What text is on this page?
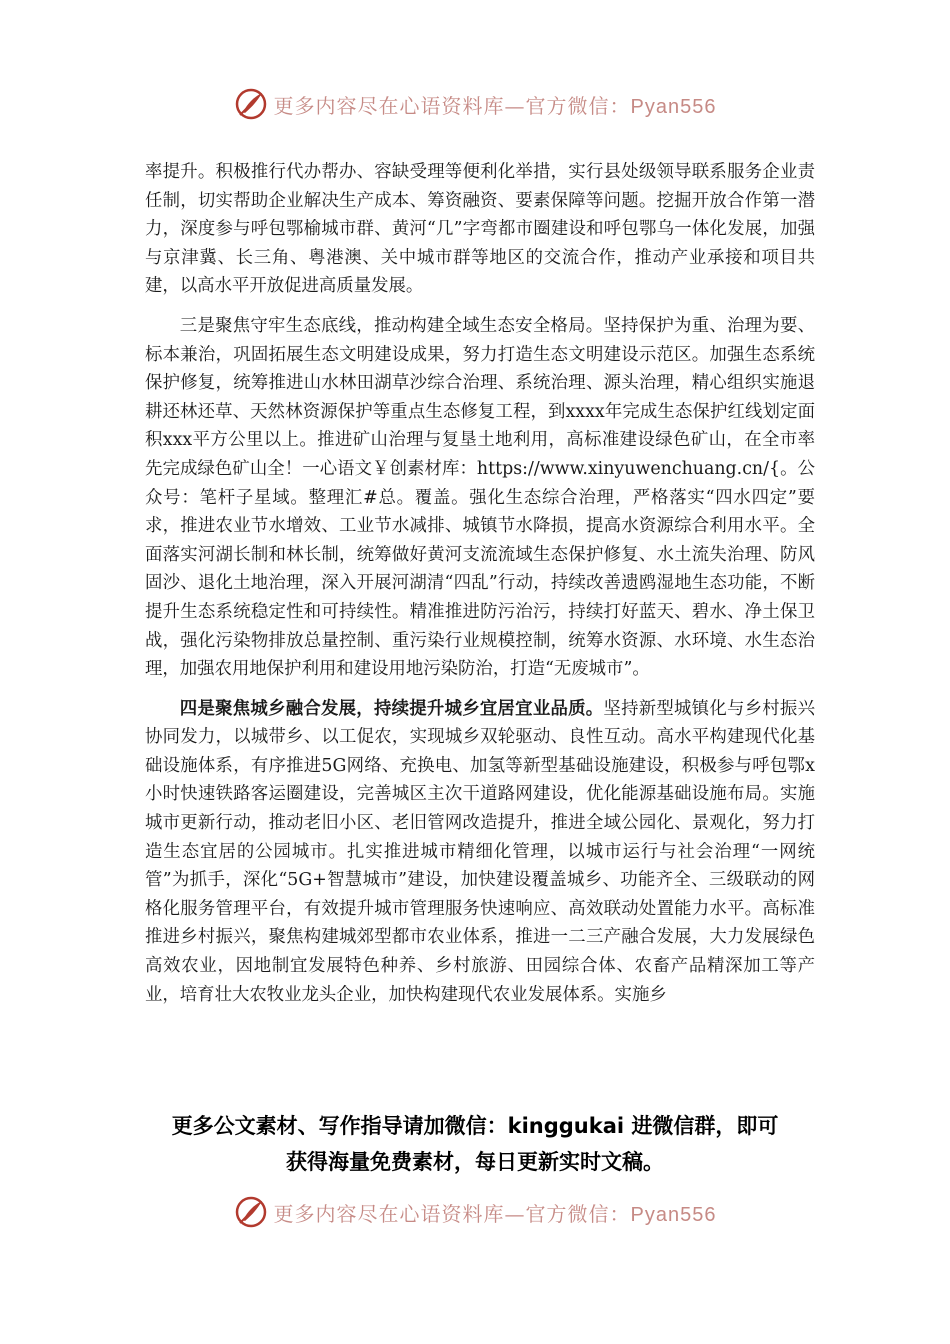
更多内容尽在心语资料库—官方微信：Pyan556

率提升。积极推行代办帮办、容缺受理等便利化举措，实行县处级领导联系服务企业责任制，切实帮助企业解决生产成本、筹资融资、要素保障等问题。挖掘开放合作第一潜力，深度参与呼包鄂榆城市群、黄河“几”字弯都市圈建设和呼包鄂乌一体化发展，加强与京津冀、长三角、粤港澳、关中城市群等地区的交流合作，推动产业承接和项目共建，以高水平开放促进高质量发展。

三是聚焦守牢生态底线，推动构建全域生态安全格局。坚持保护为重、治理为要、标本兼治，巩固拓展生态文明建设成果，努力打造生态文明建设示范区。加强生态系统保护修复，统筹推进山水林田湖草沙综合治理、系统治理、源头治理，精心组织实施退耕还林还草、天然林资源保护等重点生态修复工程，到xxxx年完成生态保护红线划定面积xxx平方公里以上。推进矿山治理与复垦土地利用，高标准建设绿色矿山，在全市率先完成绿色矿山全！一心语文￥创素材库：https://www.xinyuwenchuang.cn/{。公众号：笔杆子星域。整理汇#总。覆盖。强化生态综合治理，严格落实“四水四定”要求，推进农业节水增效、工业节水减排、城镇节水降损，提高水资源综合利用水平。全面落实河湖长制和林长制，统筹做好黄河支流流域生态保护修复、水土流失治理、防风固沙、退化土地治理，深入开展河湖清“四乱”行动，持续改善遗鸥湿地生态功能，不断提升生态系统稳定性和可持续性。精准推进防污治污，持续打好蓝天、碧水、净土保卫战，强化污染物排放总量控制、重污染行业规模控制，统筹水资源、水环境、水生态治理，加强农用地保护利用和建设用地污染防治，打造“无废城市”。

四是聚焦城乡融合发展，持续提升城乡宜居宜业品质。坚持新型城镇化与乡村振兴协同发力，以城带乡、以工促农，实现城乡双轮驱动、良性互动。高水平构建现代化基础设施体系，有序推进5G网络、充换电、加氢等新型基础设施建设，积极参与呼包鄂x小时快速铁路客运圈建设，完善城区主次干道路网建设，优化能源基础设施布局。实施城市更新行动，推动老旧小区、老旧管网改造提升，推进全域公园化、景观化，努力打造生态宜居的公园城市。扎实推进城市精细化管理，以城市运行与社会治理“一网统管”为抓手，深化“5G+智慧城市”建设，加快建设覆盖城乡、功能齐全、三级联动的网格化服务管理平台，有效提升城市管理服务快速响应、高效联动处置能力水平。高标准推进乡村振兴，聚焦构建城郊型都市农业体系，推进一二三产融合发展，大力发展绿色高效农业，因地制宜发展特色种养、乡村旅游、田园综合体、农畜产品精深加工等产业，培育壮大农牧业龙头企业，加快构建现代农业发展体系。实施乡

更多公文素材、写作指导请加微信：kinggukai 进微信群，即可
获得海量免费素材，每日更新实时文稿。
更多内容尽在心语资料库—官方微信：Pyan556
